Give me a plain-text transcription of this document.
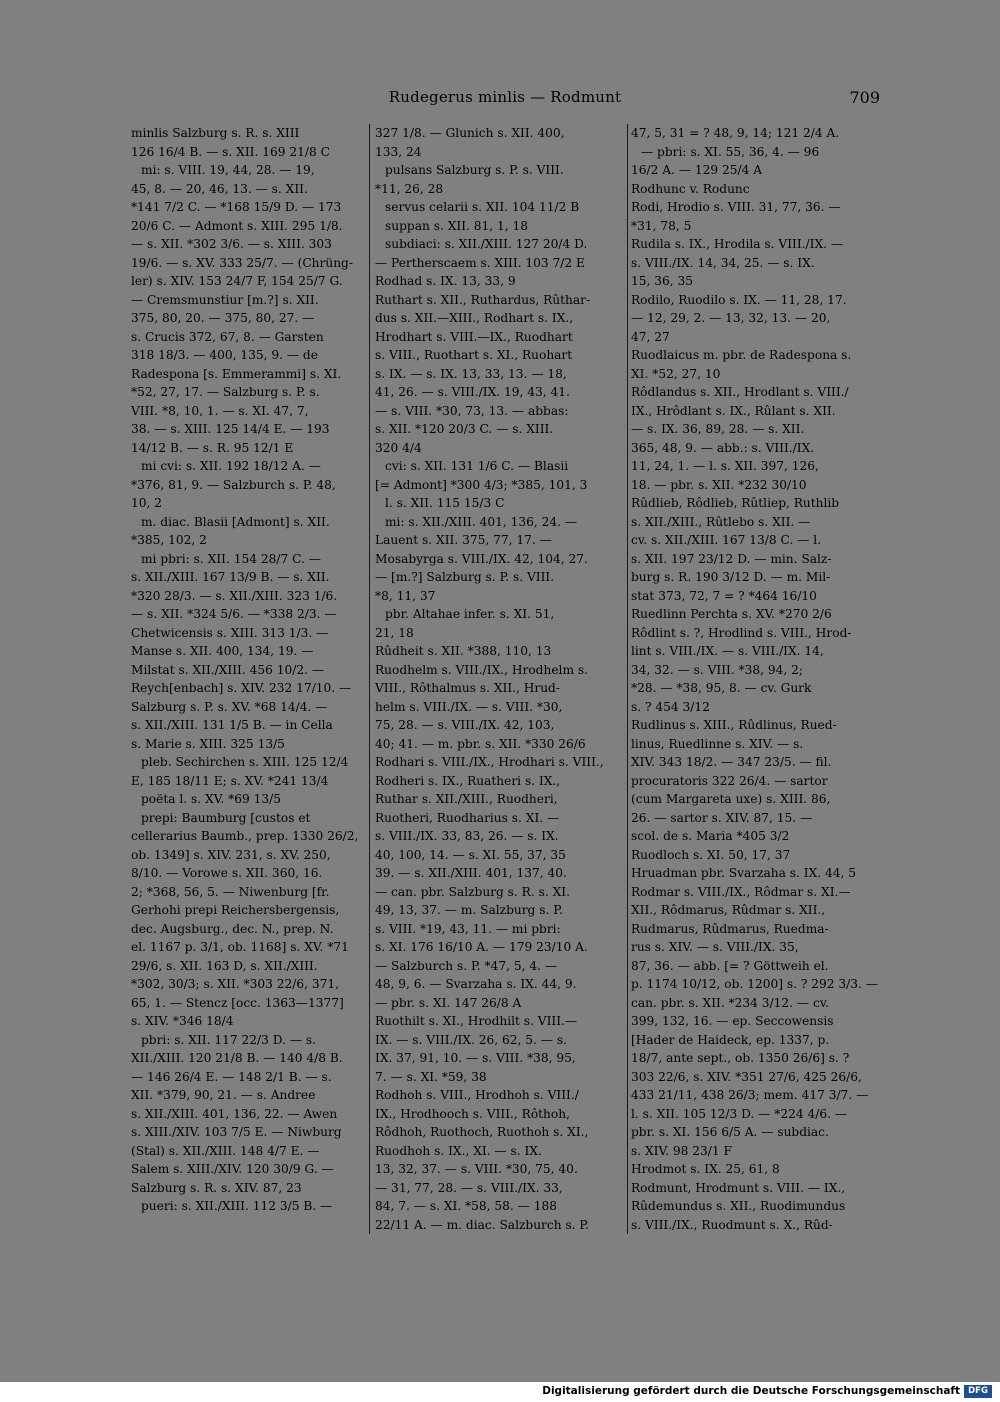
Rudegerus minlis — Rodmunt	709
minlis Salzburg s. R. s. XIII
126 16/4 B. — s. XII. 169 21/8 C
mi: s. VIII. 19, 44, 28. — 19,
45, 8. — 20, 46, 13. — s. XII.
*141 7/2 C. — *168 15/9 D. — 173
20/6 C. — Admont s. XIII. 295 1/8.
— s. XII. *302 3/6. — s. XIII. 303
19/6. — s. XV. 333 25/7. — (Chrüng-
ler) s. XIV. 153 24/7 F, 154 25/7 G.
— Cremsmunstiur [m.?] s. XII.
375, 80, 20. — 375, 80, 27. —
s. Crucis 372, 67, 8. — Garsten
318 18/3. — 400, 135, 9. — de
Radespona [s. Emmerammi] s. XI.
*52, 27, 17. — Salzburg s. P. s.
VIII. *8, 10, 1. — s. XI. 47, 7,
38. — s. XIII. 125 14/4 E. — 193
14/12 B. — s. R. 95 12/1 E
mi cvi: s. XII. 192 18/12 A. —
*376, 81, 9. — Salzburch s. P. 48,
10, 2
m. diac. Blasii [Admont] s. XII.
*385, 102, 2
mi pbri: s. XII. 154 28/7 C. —
s. XII./XIII. 167 13/9 B. — s. XII.
*320 28/3. — s. XII./XIII. 323 1/6.
— s. XII. *324 5/6. — *338 2/3. —
Chetwicensis s. XIII. 313 1/3. —
Manse s. XII. 400, 134, 19. —
Milstat s. XII./XIII. 456 10/2. —
Reych[enbach] s. XIV. 232 17/10. —
Salzburg s. P. s. XV. *68 14/4. —
s. XII./XIII. 131 1/5 B. — in Cella
s. Marie s. XIII. 325 13/5
pleb. Sechirchen s. XIII. 125 12/4
E, 185 18/11 E; s. XV. *241 13/4
poëta l. s. XV. *69 13/5
prepi: Baumburg [custos et
cellerarius Baumb., prep. 1330 26/2,
ob. 1349] s. XIV. 231, s. XV. 250,
8/10. — Vorowe s. XII. 360, 16.
2; *368, 56, 5. — Niwenburg [fr.
Gerhohi prepi Reichersbergensis,
dec. Augsburg., dec. N., prep. N.
el. 1167 p. 3/1, ob. 1168] s. XV. *71
29/6, s. XII. 163 D, s. XII./XIII.
*302, 30/3; s. XII. *303 22/6, 371,
65, 1. — Stencz [occ. 1363—1377]
s. XIV. *346 18/4
pbri: s. XII. 117 22/3 D. — s.
XII./XIII. 120 21/8 B. — 140 4/8 B.
— 146 26/4 E. — 148 2/1 B. — s.
XII. *379, 90, 21. — s. Andree
s. XII./XIII. 401, 136, 22. — Awen
s. XIII./XIV. 103 7/5 E. — Niwburg
(Stal) s. XII./XIII. 148 4/7 E. —
Salem s. XIII./XIV. 120 30/9 G. —
Salzburg s. R. s. XIV. 87, 23
pueri: s. XII./XIII. 112 3/5 B. —
327 1/8. — Glunich s. XII. 400,
133, 24
pulsans Salzburg s. P. s. VIII.
*11, 26, 28
servus celarii s. XII. 104 11/2 B
suppan s. XII. 81, 1, 18
subdiaci: s. XII./XIII. 127 20/4 D.
— Pertherscaem s. XIII. 103 7/2 E
Rodhad s. IX. 13, 33, 9
Ruthart s. XII., Ruthardus, Rûthar-
dus s. XII.—XIII., Rodhart s. IX.,
Hrodhart s. VIII.—IX., Ruodhart
s. VIII., Ruothart s. XI., Ruohart
s. IX. — s. IX. 13, 33, 13. — 18,
41, 26. — s. VIII./IX. 19, 43, 41.
— s. VIII. *30, 73, 13. — abbas:
s. XII. *120 20/3 C. — s. XIII.
320 4/4
cvi: s. XII. 131 1/6 C. — Blasii
[= Admont] *300 4/3; *385, 101, 3
l. s. XII. 115 15/3 C
mi: s. XII./XIII. 401, 136, 24. —
Lauent s. XII. 375, 77, 17. —
Mosabyrga s. VIII./IX. 42, 104, 27.
— [m.?] Salzburg s. P. s. VIII.
*8, 11, 37
pbr. Altahae infer. s. XI. 51,
21, 18
Rûdheit s. XII. *388, 110, 13
Ruodhelm s. VIII./IX., Hrodhelm s.
VIII., Rôthalmus s. XII., Hrud-
helm s. VIII./IX. — s. VIII. *30,
75, 28. — s. VIII./IX. 42, 103,
40; 41. — m. pbr. s. XII. *330 26/6
Rodhari s. VIII./IX., Hrodhari s. VIII.,
Rodheri s. IX., Ruatheri s. IX.,
Ruthar s. XII./XIII., Ruodheri,
Ruotheri, Ruodharius s. XI. —
s. VIII./IX. 33, 83, 26. — s. IX.
40, 100, 14. — s. XI. 55, 37, 35
39. — s. XII./XIII. 401, 137, 40.
— can. pbr. Salzburg s. R. s. XI.
49, 13, 37. — m. Salzburg s. P.
s. VIII. *19, 43, 11. — mi pbri:
s. XI. 176 16/10 A. — 179 23/10 A.
— Salzburch s. P. *47, 5, 4. —
48, 9, 6. — Svarzaha s. IX. 44, 9.
— pbr. s. XI. 147 26/8 A
Ruothilt s. XI., Hrodhilt s. VIII.—
IX. — s. VIII./IX. 26, 62, 5. — s.
IX. 37, 91, 10. — s. VIII. *38, 95,
7. — s. XI. *59, 38
Rodhoh s. VIII., Hrodhoh s. VIII./
IX., Hrodhooch s. VIII., Rôthoh,
Rôdhoh, Ruothoch, Ruothoh s. XI.,
Ruodhoh s. IX., XI. — s. IX.
13, 32, 37. — s. VIII. *30, 75, 40.
— 31, 77, 28. — s. VIII./IX. 33,
84, 7. — s. XI. *58, 58. — 188
22/11 A. — m. diac. Salzburch s. P.
47, 5, 31 = ? 48, 9, 14; 121 2/4 A.
— pbri: s. XI. 55, 36, 4. — 96
16/2 A. — 129 25/4 A
Rodhunc v. Rodunc
Rodi, Hrodio s. VIII. 31, 77, 36. —
*31, 78, 5
Rudila s. IX., Hrodila s. VIII./IX. —
s. VIII./IX. 14, 34, 25. — s. IX.
15, 36, 35
Rodilo, Ruodilo s. IX. — 11, 28, 17.
— 12, 29, 2. — 13, 32, 13. — 20,
47, 27
Ruodlaicus m. pbr. de Radespona s.
XI. *52, 27, 10
Rôdlandus s. XII., Hrodlant s. VIII./
IX., Hrôdlant s. IX., Rûlant s. XII.
— s. IX. 36, 89, 28. — s. XII.
365, 48, 9. — abb.: s. VIII./IX.
11, 24, 1. — l. s. XII. 397, 126,
18. — pbr. s. XII. *232 30/10
Rûdlieb, Rôdlieb, Rûtliep, Ruthlib
s. XII./XIII., Rûtlebo s. XII. —
cv. s. XII./XIII. 167 13/8 C. — l.
s. XII. 197 23/12 D. — min. Salz-
burg s. R. 190 3/12 D. — m. Mil-
stat 373, 72, 7 = ? *464 16/10
Ruedlinn Perchta s. XV. *270 2/6
Rôdlint s. ?, Hrodlind s. VIII., Hrod-
lint s. VIII./IX. — s. VIII./IX. 14,
34, 32. — s. VIII. *38, 94, 2;
*28. — *38, 95, 8. — cv. Gurk
s. ? 454 3/12
Rudlinus s. XIII., Rûdlinus, Rued-
linus, Ruedlinne s. XIV. — s.
XIV. 343 18/2. — 347 23/5. — fil.
procuratoris 322 26/4. — sartor
(cum Margareta uxe) s. XIII. 86,
26. — sartor s. XIV. 87, 15. —
scol. de s. Maria *405 3/2
Ruodloch s. XI. 50, 17, 37
Hruadman pbr. Svarzaha s. IX. 44, 5
Rodmar s. VIII./IX., Rôdmar s. XI.—
XII., Rôdmarus, Rûdmar s. XII.,
Rudmarus, Rûdmarus, Ruedma-
rus s. XIV. — s. VIII./IX. 35,
87, 36. — abb. [= ? Göttweih el.
p. 1174 10/12, ob. 1200] s. ? 292 3/3. —
can. pbr. s. XII. *234 3/12. — cv.
399, 132, 16. — ep. Seccowensis
[Hader de Haideck, ep. 1337, p.
18/7, ante sept., ob. 1350 26/6] s. ?
303 22/6, s. XIV. *351 27/6, 425 26/6,
433 21/11, 438 26/3; mem. 417 3/7. —
l. s. XII. 105 12/3 D. — *224 4/6. —
pbr. s. XI. 156 6/5 A. — subdiac.
s. XIV. 98 23/1 F
Hrodmot s. IX. 25, 61, 8
Rodmunt, Hrodmunt s. VIII. — IX.,
Rûdemundus s. XII., Ruodimundus
s. VIII./IX., Ruodmunt s. X., Rûd-
Digitalisierung gefördert durch die Deutsche Forschungsgemeinschaft DFG
